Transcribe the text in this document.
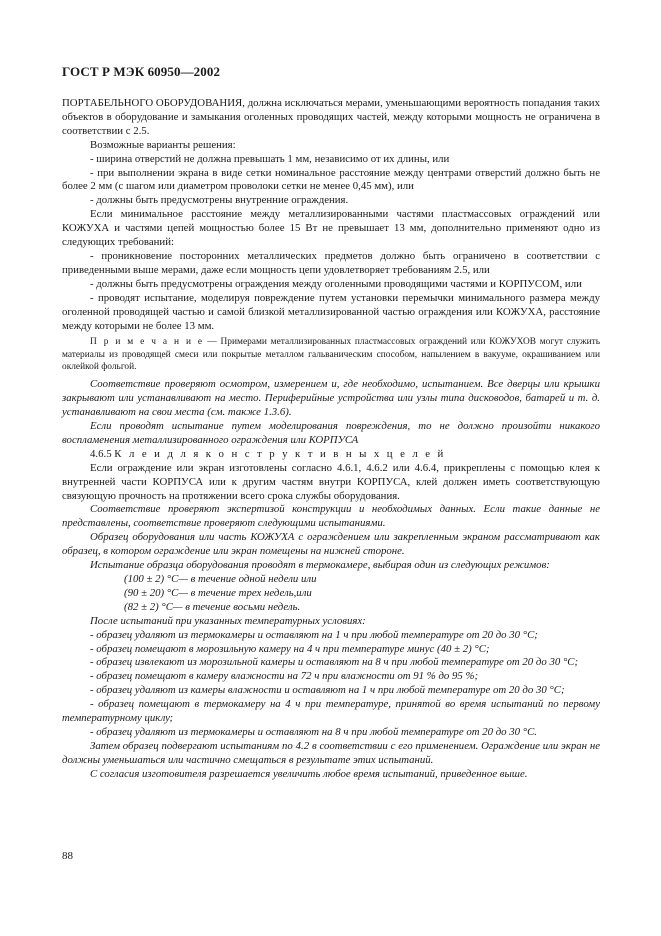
ГОСТ Р МЭК 60950—2002

ПОРТАБЕЛЬНОГО ОБОРУДОВАНИЯ, должна исключаться мерами, уменьшающими вероятность попадания таких объектов в оборудование и замыкания оголенных проводящих частей, между которыми мощность не ограничена в соответствии с 2.5.

Возможные варианты решения:

- ширина отверстий не должна превышать 1 мм, независимо от их длины, или

- при выполнении экрана в виде сетки номинальное расстояние между центрами отверстий должно быть не более 2 мм (с шагом или диаметром проволоки сетки не менее 0,45 мм), или

- должны быть предусмотрены внутренние ограждения.

Если минимальное расстояние между металлизированными частями пластмассовых ограждений или КОЖУХА и частями цепей мощностью более 15 Вт не превышает 13 мм, дополнительно применяют одно из следующих требований:

- проникновение посторонних металлических предметов должно быть ограничено в соответствии с приведенными выше мерами, даже если мощность цепи удовлетворяет требованиям 2.5, или

- должны быть предусмотрены ограждения между оголенными проводящими частями и КОРПУСОМ, или

- проводят испытание, моделируя повреждение путем установки перемычки минимального размера между оголенной проводящей частью и самой близкой металлизированной частью ограждения или КОЖУХА, расстояние между которыми не более 13 мм.

П р и м е ч а н и е — Примерами металлизированных пластмассовых ограждений или КОЖУХОВ могут служить материалы из проводящей смеси или покрытые металлом гальваническим способом, напылением в вакууме, окрашиванием или оклейкой фольгой.

Соответствие проверяют осмотром, измерением и, где необходимо, испытанием. Все дверцы или крышки закрывают или устанавливают на место. Периферийные устройства или узлы типа дисководов, батарей и т. д. устанавливают на свои места (см. также 1.3.6).

Если проводят испытание путем моделирования повреждения, то не должно произойти никакого воспламенения металлизированного ограждения или КОРПУСА

4.6.5 К л е и д л я к о н с т р у к т и в н ы х ц е л е й

Если ограждение или экран изготовлены согласно 4.6.1, 4.6.2 или 4.6.4, прикреплены с помощью клея к внутренней части КОРПУСА или к другим частям внутри КОРПУСА, клей должен иметь соответствующую связующую прочность на протяжении всего срока службы оборудования.

Соответствие проверяют экспертизой конструкции и необходимых данных. Если такие данные не представлены, соответствие проверяют следующими испытаниями.

Образец оборудования или часть КОЖУХА с ограждением или закрепленным экраном рассматривают как образец, в котором ограждение или экран помещены на нижней стороне.

Испытание образца оборудования проводят в термокамере, выбирая один из следующих режимов:

(100 ± 2) °С— в течение одной недели или

(90 ± 20) °С— в течение трех недель,или

(82 ± 2) °С— в течение восьми недель.

После испытаний при указанных температурных условиях:

- образец удаляют из термокамеры и оставляют на 1 ч при любой температуре от 20 до 30 °С;

- образец помещают в морозильную камеру на 4 ч при температуре минус (40 ± 2) °С;

- образец извлекают из морозильной камеры и оставляют на 8 ч при любой температуре от 20 до 30 °С;

- образец помещают в камеру влажности на 72 ч при влажности от 91 % до 95 %;

- образец удаляют из камеры влажности и оставляют на 1 ч при любой температуре от 20 до 30 °С;

- образец помещают в термокамеру на 4 ч при температуре, принятой во время испытаний по первому температурному циклу;

- образец удаляют из термокамеры и оставляют на 8 ч при любой температуре от 20 до 30 °С.

Затем образец подвергают испытаниям по 4.2 в соответствии с его применением. Ограждение или экран не должны уменьшаться или частично смещаться в результате этих испытаний.

С согласия изготовителя разрешается увеличить любое время испытаний, приведенное выше.

88
